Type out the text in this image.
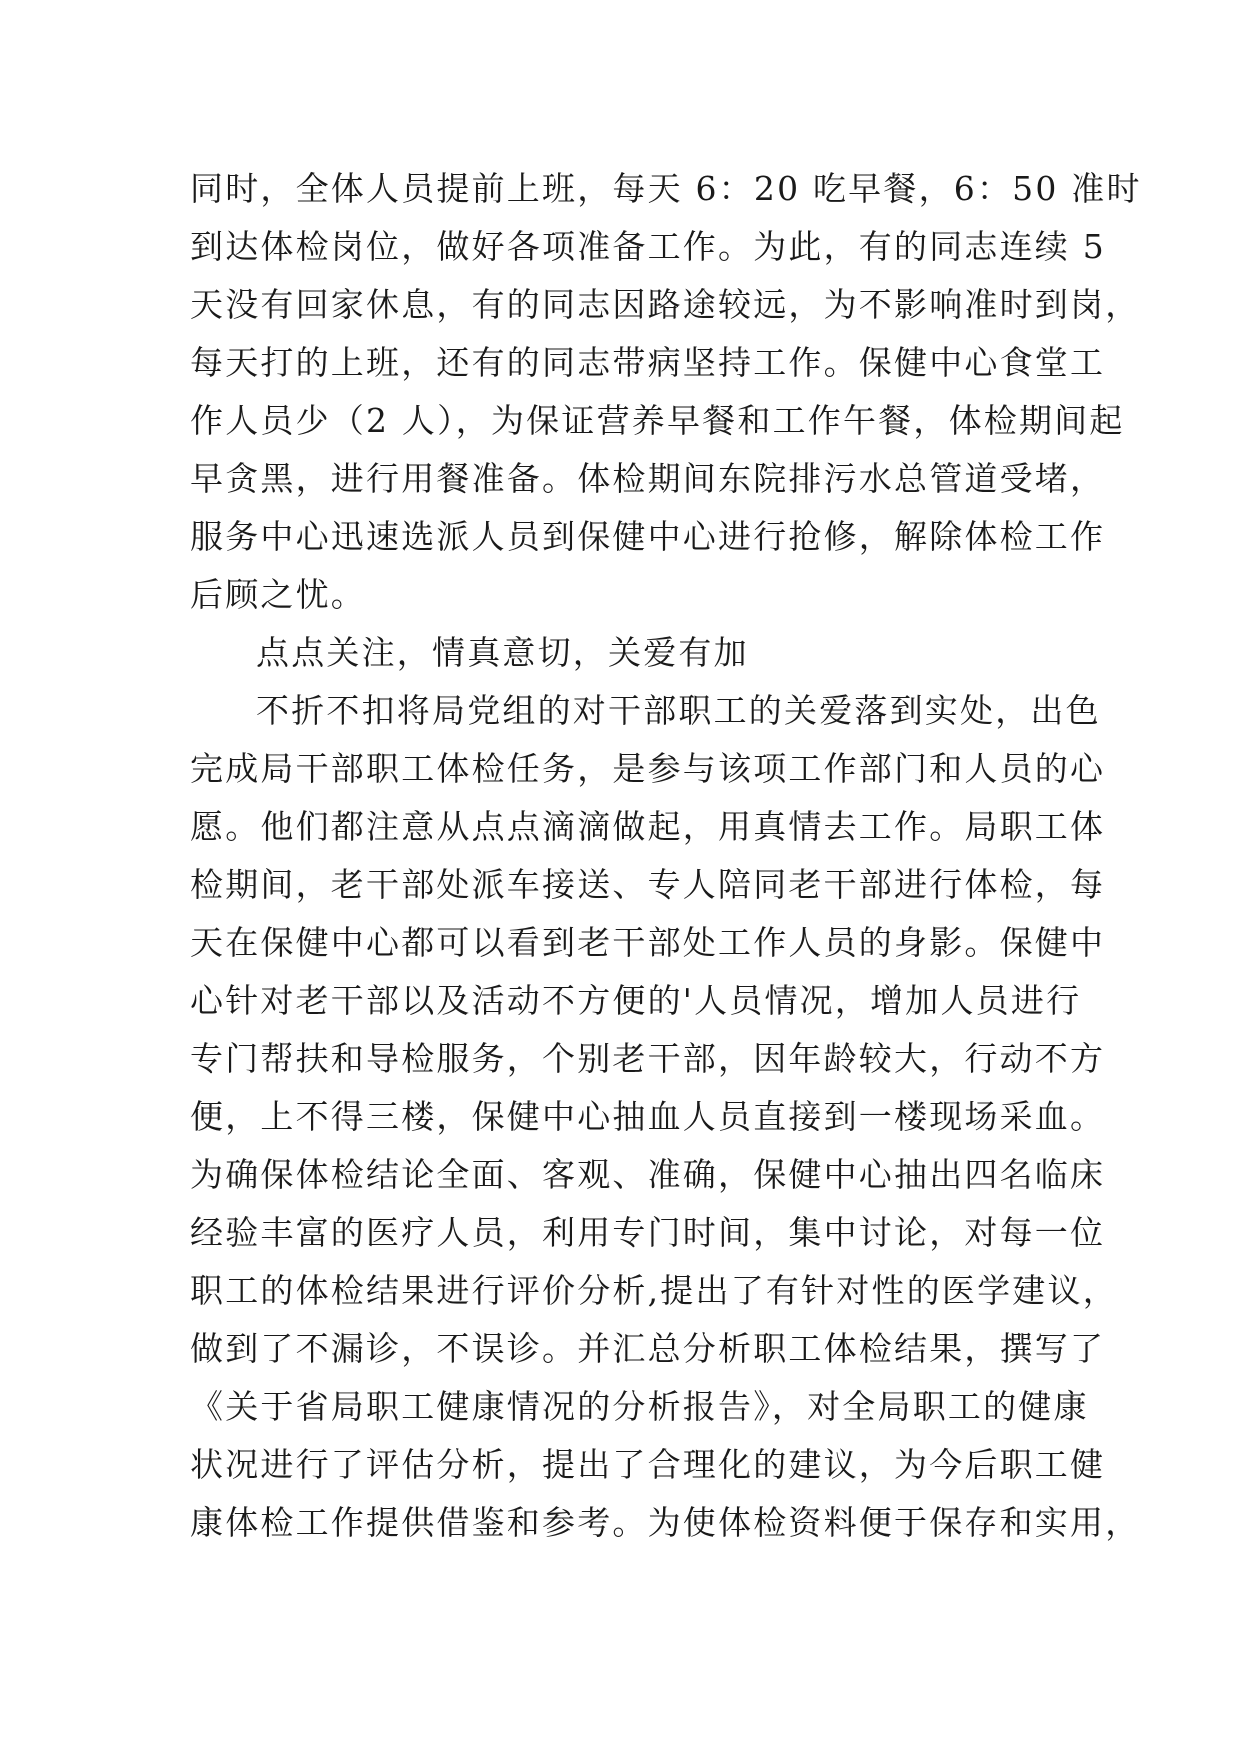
同时，全体人员提前上班，每天 6：20 吃早餐，6：50 准时
到达体检岗位，做好各项准备工作。为此，有的同志连续 5
天没有回家休息，有的同志因路途较远，为不影响准时到岗，
每天打的上班，还有的同志带病坚持工作。保健中心食堂工
作人员少（2 人），为保证营养早餐和工作午餐，体检期间起
早贪黑，进行用餐准备。体检期间东院排污水总管道受堵，
服务中心迅速选派人员到保健中心进行抢修，解除体检工作
后顾之忧。
点点关注，情真意切，关爱有加
不折不扣将局党组的对干部职工的关爱落到实处，出色
完成局干部职工体检任务，是参与该项工作部门和人员的心
愿。他们都注意从点点滴滴做起，用真情去工作。局职工体
检期间，老干部处派车接送、专人陪同老干部进行体检，每
天在保健中心都可以看到老干部处工作人员的身影。保健中
心针对老干部以及活动不方便的'人员情况，增加人员进行
专门帮扶和导检服务，个别老干部，因年龄较大，行动不方
便，上不得三楼，保健中心抽血人员直接到一楼现场采血。
为确保体检结论全面、客观、准确，保健中心抽出四名临床
经验丰富的医疗人员，利用专门时间，集中讨论，对每一位
职工的体检结果进行评价分析,提出了有针对性的医学建议，
做到了不漏诊，不误诊。并汇总分析职工体检结果，撰写了
《关于省局职工健康情况的分析报告》，对全局职工的健康
状况进行了评估分析，提出了合理化的建议，为今后职工健
康体检工作提供借鉴和参考。为使体检资料便于保存和实用，
